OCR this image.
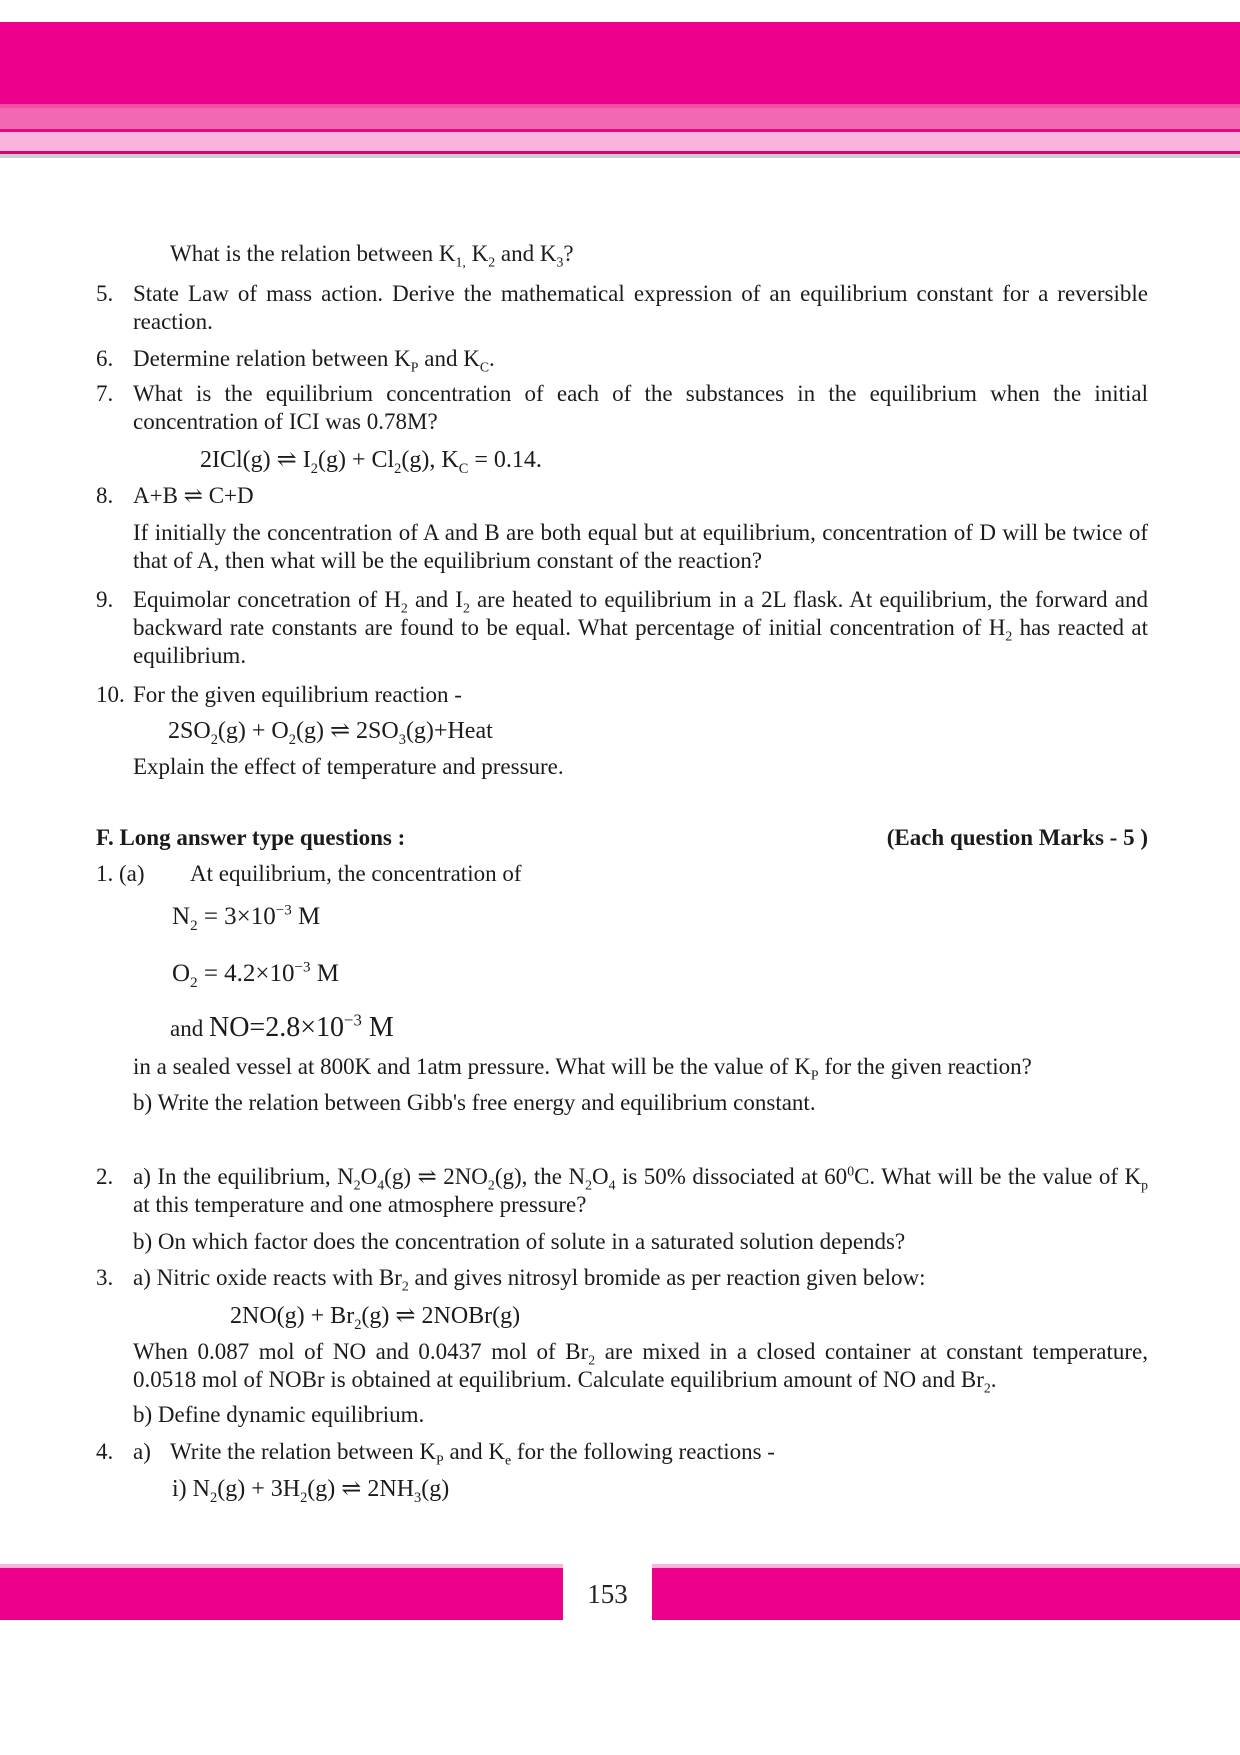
What is the relation between $K_{1,}$ $K_2$ and $K_3$?
5. State Law of mass action. Derive the mathematical expression of an equilibrium constant for a reversible reaction.
6. Determine relation between $K_P$ and $K_C$.
7. What is the equilibrium concentration of each of the substances in the equilibrium when the initial concentration of ICI was 0.78M?
2ICl(g) ⇌ $I_2(g) + Cl_2(g)$, $K_C = 0.14$.
8. A+B ⇌ C+D
If initially the concentration of A and B are both equal but at equilibrium, concentration of D will be twice of that of A, then what will be the equilibrium constant of the reaction?
9. Equimolar concetration of $H_2$ and $I_2$ are heated to equilibrium in a 2L flask. At equilibrium, the forward and backward rate constants are found to be equal. What percentage of initial concentration of $H_2$ has reacted at equilibrium.
10. For the given equilibrium reaction -
$2SO_2(g) + O_2(g)$ ⇌ $2SO_3(g)+Heat$
Explain the effect of temperature and pressure.
F. Long answer type questions :	(Each question Marks - 5 )
1. (a)	At equilibrium, the concentration of
$N_2 = 3\times 10^{-3}$ M
$O_2 = 4.2\times 10^{-3}$ M
and $NO=2.8\times 10^{-3}$ M
in a sealed vessel at 800K and 1atm pressure. What will be the value of $K_P$ for the given reaction?
b) Write the relation between Gibb's free energy and equilibrium constant.
2. a) In the equilibrium, $N_2O_4(g)$ ⇌ $2NO_2(g)$, the $N_2O_4$ is 50% dissociated at $60^0C$. What will be the value of $K_p$ at this temperature and one atmosphere pressure?
b) On which factor does the concentration of solute in a saturated solution depends?
3. a) Nitric oxide reacts with $Br_2$ and gives nitrosyl bromide as per reaction given below:
$2NO(g) + Br_2(g)$ ⇌ 2NOBr(g)
When 0.087 mol of NO and 0.0437 mol of $Br_2$ are mixed in a closed container at constant temperature, 0.0518 mol of NOBr is obtained at equilibrium. Calculate equilibrium amount of NO and $Br_2$.
b) Define dynamic equilibrium.
4. a) Write the relation between $K_P$ and $K_e$ for the following reactions -
i) $N_2(g) + 3H_2(g)$ ⇌ $2NH_3(g)$
153
